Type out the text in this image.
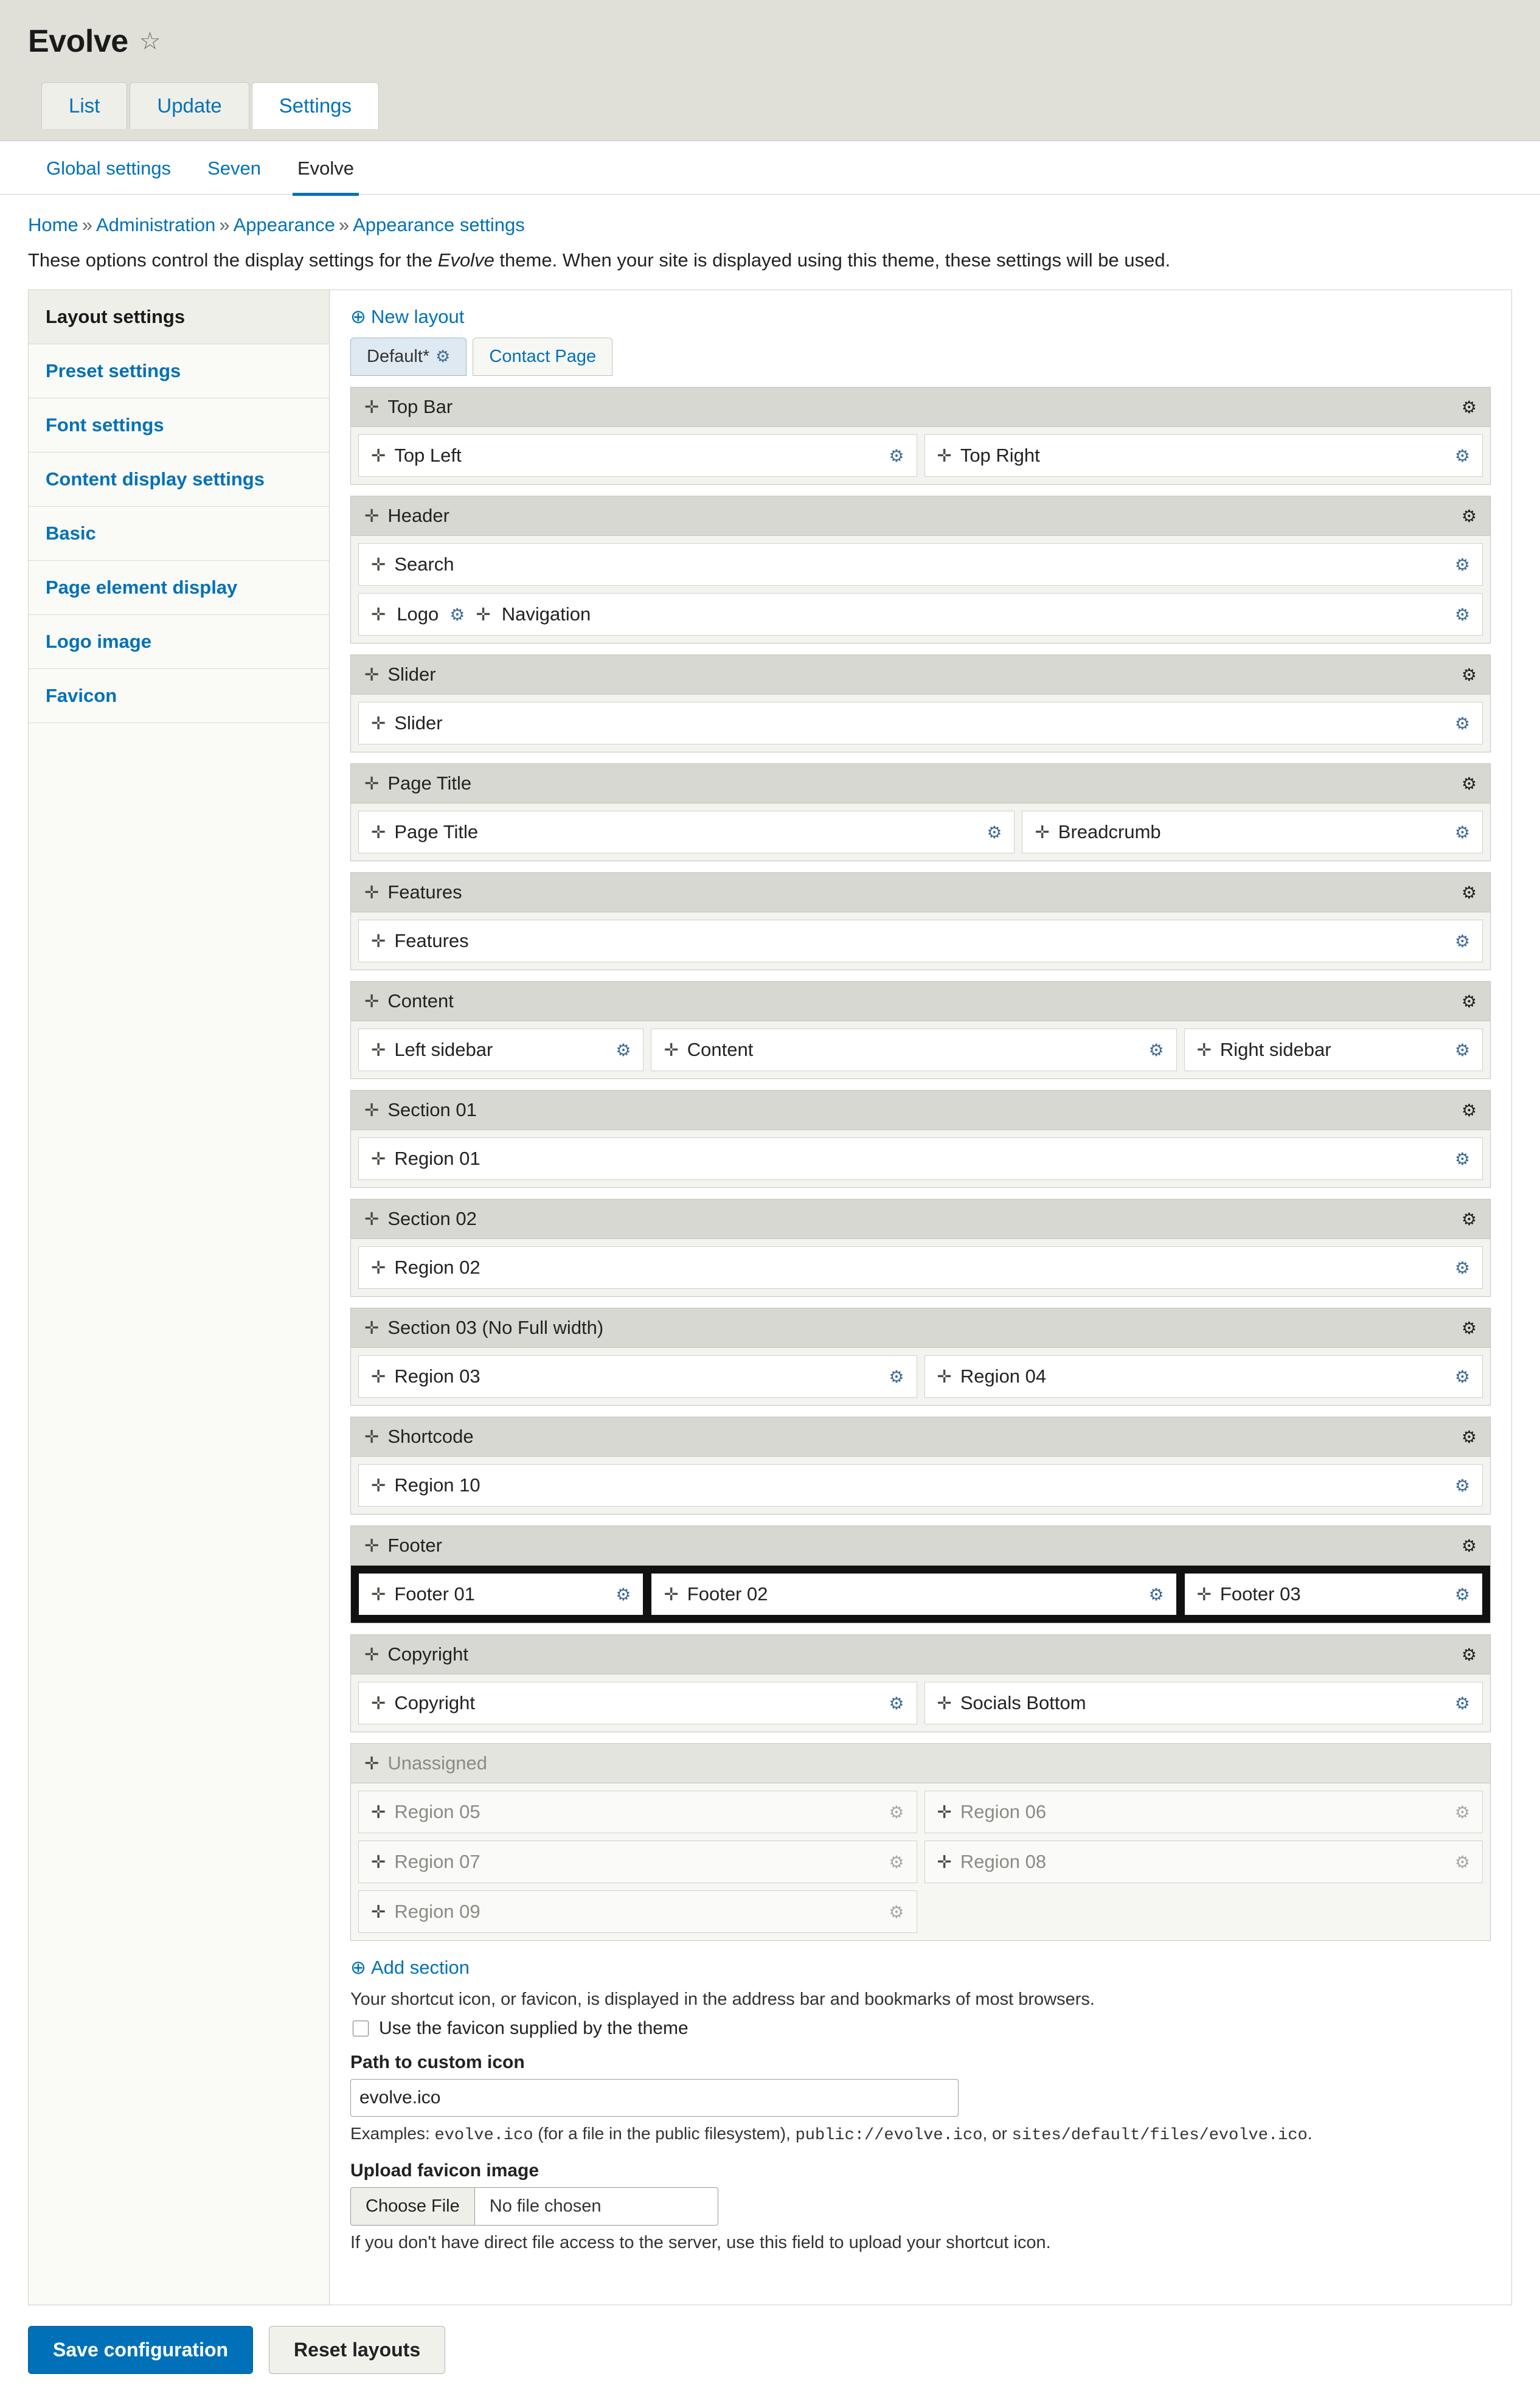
Evolve ☆
List	Update	Settings
Global settings	Seven	Evolve
Home » Administration » Appearance » Appearance settings
These options control the display settings for the Evolve theme. When your site is displayed using this theme, these settings will be used.
Layout settings
Preset settings
Font settings
Content display settings
Basic
Page element display
Logo image
Favicon
⊕ New layout
Default* ⚙ Contact Page
✛ Top Bar	⚙
✛ Top Left	⚙ ✛ Top Right	⚙
✛ Header	⚙
✛ Search	⚙
✛ Logo ⚙ ✛ Navigation	⚙
✛ Slider	⚙
✛ Slider	⚙
✛ Page Title	⚙
✛ Page Title	⚙ ✛ Breadcrumb	⚙
✛ Features	⚙
✛ Features	⚙
✛ Content	⚙
✛ Left sidebar	⚙ ✛ Content	⚙ ✛ Right sidebar	⚙
✛ Section 01	⚙
✛ Region 01	⚙
✛ Section 02	⚙
✛ Region 02	⚙
✛ Section 03 (No Full width)	⚙
✛ Region 03	⚙ ✛ Region 04	⚙
✛ Shortcode	⚙
✛ Region 10	⚙
✛ Footer	⚙
✛ Footer 01	⚙ ✛ Footer 02	⚙ ✛ Footer 03	⚙
✛ Copyright	⚙
✛ Copyright	⚙ ✛ Socials Bottom	⚙
✛ Unassigned
✛ Region 05	⚙ ✛ Region 06	⚙
✛ Region 07	⚙ ✛ Region 08	⚙
✛ Region 09	⚙
⊕ Add section
Your shortcut icon, or favicon, is displayed in the address bar and bookmarks of most browsers.
Use the favicon supplied by the theme
Path to custom icon
evolve.ico
Examples: evolve.ico (for a file in the public filesystem), public://evolve.ico, or sites/default/files/evolve.ico.
Upload favicon image
Choose File	No file chosen
If you don't have direct file access to the server, use this field to upload your shortcut icon.
Save configuration	Reset layouts
